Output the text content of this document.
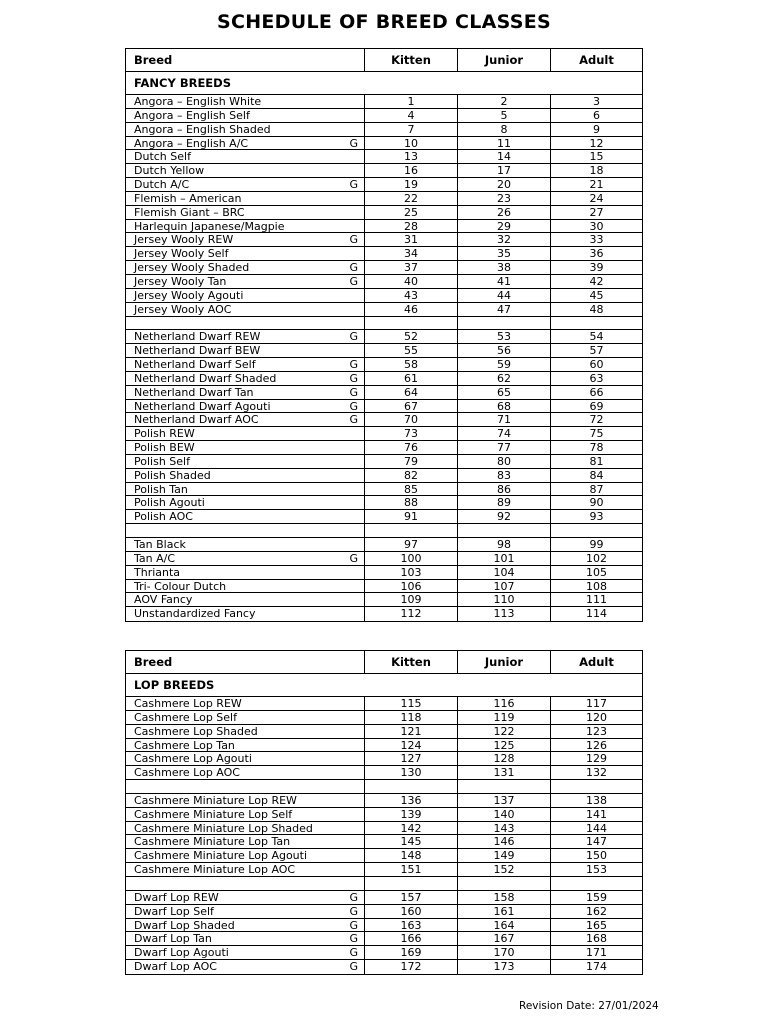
SCHEDULE OF BREED CLASSES
Breed	Kitten	Junior	Adult
FANCY BREEDS
Angora – English White	1	2	3
Angora – English Self	4	5	6
Angora – English Shaded	7	8	9
Angora – English A/C	G	10	11	12
Dutch Self	13	14	15
Dutch Yellow	16	17	18
Dutch A/C	G	19	20	21
Flemish – American	22	23	24
Flemish Giant – BRC	25	26	27
Harlequin Japanese/Magpie	28	29	30
Jersey Wooly REW	G	31	32	33
Jersey Wooly Self	34	35	36
Jersey Wooly Shaded	G	37	38	39
Jersey Wooly Tan	G	40	41	42
Jersey Wooly Agouti	43	44	45
Jersey Wooly AOC	46	47	48
Netherland Dwarf REW	G	52	53	54
Netherland Dwarf BEW	55	56	57
Netherland Dwarf Self	G	58	59	60
Netherland Dwarf Shaded	G	61	62	63
Netherland Dwarf Tan	G	64	65	66
Netherland Dwarf Agouti	G	67	68	69
Netherland Dwarf AOC	G	70	71	72
Polish REW	73	74	75
Polish BEW	76	77	78
Polish Self	79	80	81
Polish Shaded	82	83	84
Polish Tan	85	86	87
Polish Agouti	88	89	90
Polish AOC	91	92	93
Tan Black	97	98	99
Tan A/C	G	100	101	102
Thrianta	103	104	105
Tri- Colour Dutch	106	107	108
AOV Fancy	109	110	111
Unstandardized Fancy	112	113	114
Breed	Kitten	Junior	Adult
LOP BREEDS
Cashmere Lop REW	115	116	117
Cashmere Lop Self	118	119	120
Cashmere Lop Shaded	121	122	123
Cashmere Lop Tan	124	125	126
Cashmere Lop Agouti	127	128	129
Cashmere Lop AOC	130	131	132
Cashmere Miniature Lop REW	136	137	138
Cashmere Miniature Lop Self	139	140	141
Cashmere Miniature Lop Shaded	142	143	144
Cashmere Miniature Lop Tan	145	146	147
Cashmere Miniature Lop Agouti	148	149	150
Cashmere Miniature Lop AOC	151	152	153
Dwarf Lop REW	G	157	158	159
Dwarf Lop Self	G	160	161	162
Dwarf Lop Shaded	G	163	164	165
Dwarf Lop Tan	G	166	167	168
Dwarf Lop Agouti	G	169	170	171
Dwarf Lop AOC	G	172	173	174
Revision Date: 27/01/2024
